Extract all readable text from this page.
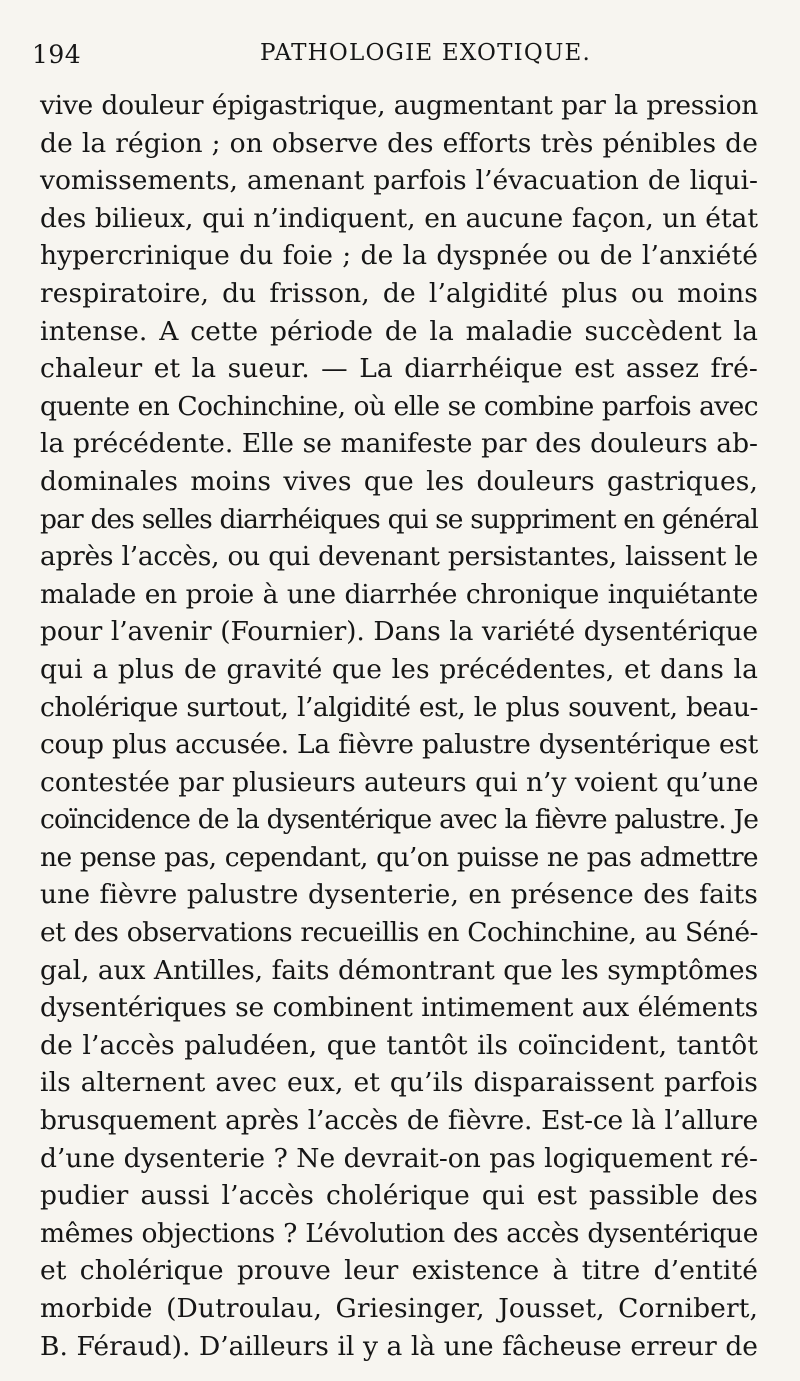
194	PATHOLOGIE EXOTIQUE.
vive douleur épigastrique, augmentant par la pression
de la région ; on observe des efforts très pénibles de
vomissements, amenant parfois l’évacuation de liqui-
des bilieux, qui n’indiquent, en aucune façon, un état
hypercrinique du foie ; de la dyspnée ou de l’anxiété
respiratoire, du frisson, de l’algidité plus ou moins
intense. A cette période de la maladie succèdent la
chaleur et la sueur. — La diarrhéique est assez fré-
quente en Cochinchine, où elle se combine parfois avec
la précédente. Elle se manifeste par des douleurs ab-
dominales moins vives que les douleurs gastriques,
par des selles diarrhéiques qui se suppriment en général
après l’accès, ou qui devenant persistantes, laissent le
malade en proie à une diarrhée chronique inquiétante
pour l’avenir (Fournier). Dans la variété dysentérique
qui a plus de gravité que les précédentes, et dans la
cholérique surtout, l’algidité est, le plus souvent, beau-
coup plus accusée. La fièvre palustre dysentérique est
contestée par plusieurs auteurs qui n’y voient qu’une
coïncidence de la dysentérique avec la fièvre palustre. Je
ne pense pas, cependant, qu’on puisse ne pas admettre
une fièvre palustre dysenterie, en présence des faits
et des observations recueillis en Cochinchine, au Séné-
gal, aux Antilles, faits démontrant que les symptômes
dysentériques se combinent intimement aux éléments
de l’accès paludéen, que tantôt ils coïncident, tantôt
ils alternent avec eux, et qu’ils disparaissent parfois
brusquement après l’accès de fièvre. Est-ce là l’allure
d’une dysenterie ? Ne devrait-on pas logiquement ré-
pudier aussi l’accès cholérique qui est passible des
mêmes objections ? L’évolution des accès dysentérique
et cholérique prouve leur existence à titre d’entité
morbide (Dutroulau, Griesinger, Jousset, Cornibert,
B. Féraud). D’ailleurs il y a là une fâcheuse erreur de
